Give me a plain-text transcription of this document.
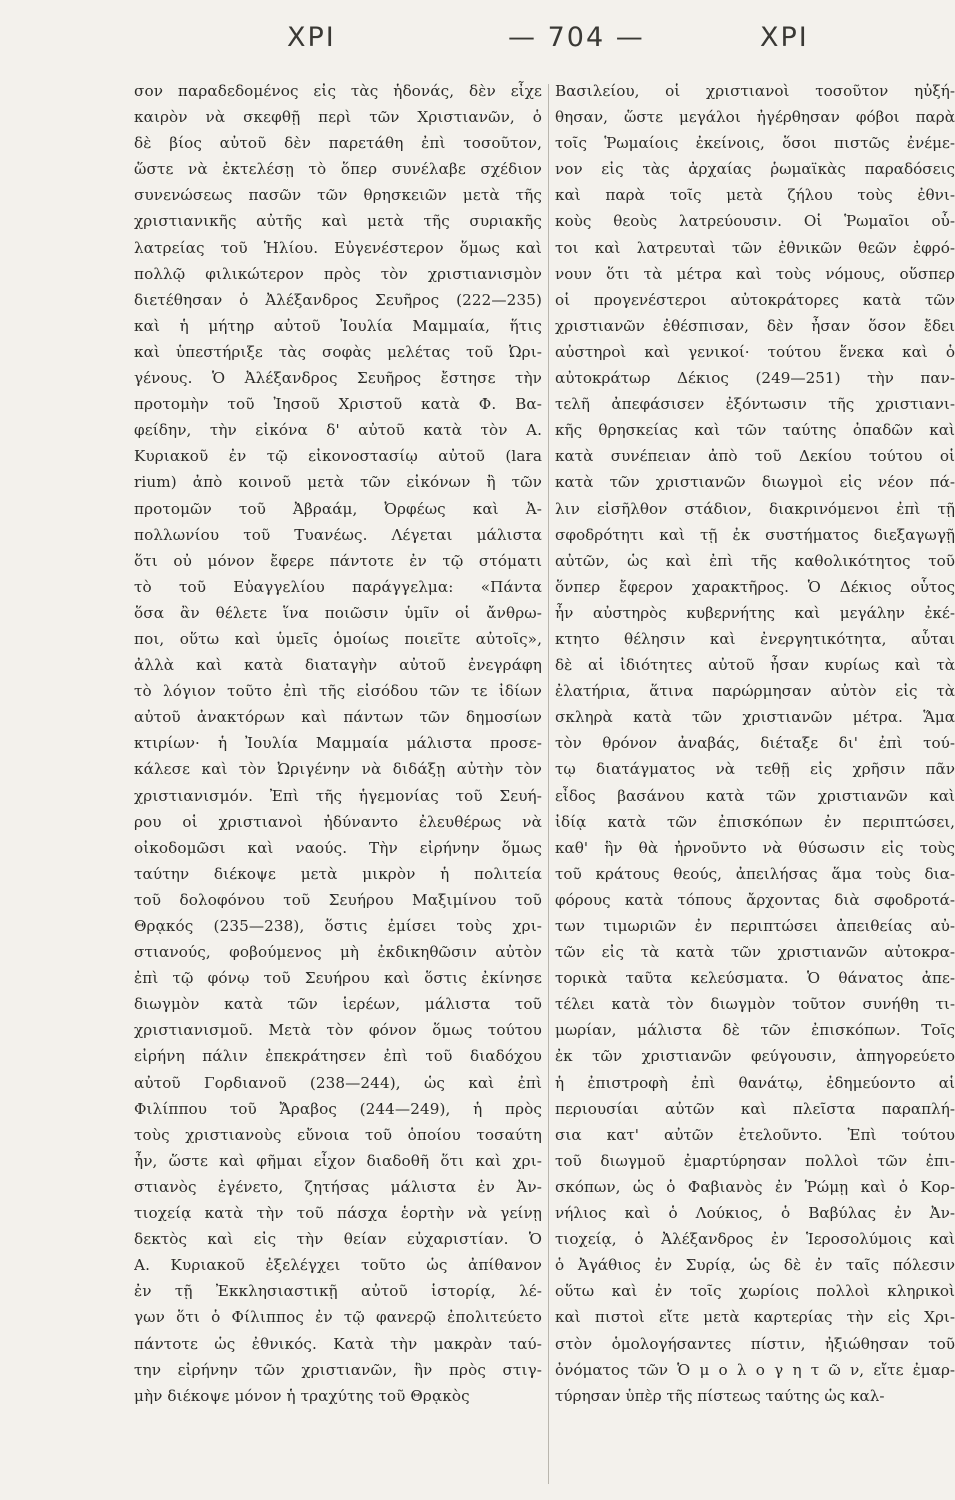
ΧΡΙ	— 704 —	ΧΡΙ
σον παραδεδομένος εἰς τὰς ἡδονάς, δὲν εἶχε
καιρὸν νὰ σκεφθῇ περὶ τῶν Χριστιανῶν, ὁ
δὲ βίος αὐτοῦ δὲν παρετάθη ἐπὶ τοσοῦτον,
ὥστε νὰ ἐκτελέσῃ τὸ ὅπερ συνέλαβε σχέδιον
συνενώσεως πασῶν τῶν θρησκειῶν μετὰ τῆς
χριστιανικῆς αὐτῆς καὶ μετὰ τῆς συριακῆς
λατρείας τοῦ Ἡλίου. Εὐγενέστερον ὅμως καὶ
πολλῷ φιλικώτερον πρὸς τὸν χριστιανισμὸν
διετέθησαν ὁ Ἀλέξανδρος Σευῆρος (222—235)
καὶ ἡ μήτηρ αὐτοῦ Ἰουλία Μαμμαία, ἥτις
καὶ ὑπεστήριξε τὰς σοφὰς μελέτας τοῦ Ὠρι-
γένους. Ὁ Ἀλέξανδρος Σευῆρος ἔστησε τὴν
προτομὴν τοῦ Ἰησοῦ Χριστοῦ κατὰ Φ. Βα-
φείδην, τὴν εἰκόνα δ' αὐτοῦ κατὰ τὸν Α.
Κυριακοῦ ἐν τῷ εἰκονοστασίῳ αὐτοῦ (lara
rium) ἀπὸ κοινοῦ μετὰ τῶν εἰκόνων ἢ τῶν
προτομῶν τοῦ Ἀβραάμ, Ὀρφέως καὶ Ἀ-
πολλωνίου τοῦ Τυανέως. Λέγεται μάλιστα
ὅτι οὐ μόνον ἔφερε πάντοτε ἐν τῷ στόματι
τὸ τοῦ Εὐαγγελίου παράγγελμα: «Πάντα
ὅσα ἂν θέλετε ἵνα ποιῶσιν ὑμῖν οἱ ἄνθρω-
ποι, οὕτω καὶ ὑμεῖς ὁμοίως ποιεῖτε αὐτοῖς»,
ἀλλὰ καὶ κατὰ διαταγὴν αὐτοῦ ἐνεγράφη
τὸ λόγιον τοῦτο ἐπὶ τῆς εἰσόδου τῶν τε ἰδίων
αὐτοῦ ἀνακτόρων καὶ πάντων τῶν δημοσίων
κτιρίων· ἡ Ἰουλία Μαμμαία μάλιστα προσε-
κάλεσε καὶ τὸν Ὠριγένην νὰ διδάξῃ αὐτὴν τὸν
χριστιανισμόν. Ἐπὶ τῆς ἡγεμονίας τοῦ Σευή-
ρου οἱ χριστιανοὶ ἠδύναντο ἐλευθέρως νὰ
οἰκοδομῶσι καὶ ναούς. Τὴν εἰρήνην ὅμως
ταύτην διέκοψε μετὰ μικρὸν ἡ πολιτεία
τοῦ δολοφόνου τοῦ Σευήρου Μαξιμίνου τοῦ
Θρᾳκός (235—238), ὅστις ἐμίσει τοὺς χρι-
στιανούς, φοβούμενος μὴ ἐκδικηθῶσιν αὐτὸν
ἐπὶ τῷ φόνῳ τοῦ Σευήρου καὶ ὅστις ἐκίνησε
διωγμὸν κατὰ τῶν ἱερέων, μάλιστα τοῦ
χριστιανισμοῦ. Μετὰ τὸν φόνον ὅμως τούτου
εἰρήνη πάλιν ἐπεκράτησεν ἐπὶ τοῦ διαδόχου
αὐτοῦ Γορδιανοῦ (238—244), ὡς καὶ ἐπὶ
Φιλίππου τοῦ Ἄραβος (244—249), ἡ πρὸς
τοὺς χριστιανοὺς εὔνοια τοῦ ὁποίου τοσαύτη
ἦν, ὥστε καὶ φῆμαι εἶχον διαδοθῆ ὅτι καὶ χρι-
στιανὸς ἐγένετο, ζητήσας μάλιστα ἐν Ἀν-
τιοχείᾳ κατὰ τὴν τοῦ πάσχα ἑορτὴν νὰ γείνῃ
δεκτὸς καὶ εἰς τὴν θείαν εὐχαριστίαν. Ὁ
Α. Κυριακοῦ ἐξελέγχει τοῦτο ὡς ἀπίθανον
ἐν τῇ Ἐκκλησιαστικῇ αὐτοῦ ἱστορίᾳ, λέ-
γων ὅτι ὁ Φίλιππος ἐν τῷ φανερῷ ἐπολιτεύετο
πάντοτε ὡς ἐθνικός. Κατὰ τὴν μακρὰν ταύ-
την εἰρήνην τῶν χριστιανῶν, ἣν πρὸς στιγ-
μὴν διέκοψε μόνον ἡ τραχύτης τοῦ Θρᾳκὸς
Βασιλείου, οἱ χριστιανοὶ τοσοῦτον ηὐξή-
θησαν, ὥστε μεγάλοι ἠγέρθησαν φόβοι παρὰ
τοῖς Ῥωμαίοις ἐκείνοις, ὅσοι πιστῶς ἐνέμε-
νον εἰς τὰς ἀρχαίας ῥωμαϊκὰς παραδόσεις
καὶ παρὰ τοῖς μετὰ ζήλου τοὺς ἐθνι-
κοὺς θεοὺς λατρεύουσιν. Οἱ Ῥωμαῖοι οὗ-
τοι καὶ λατρευταὶ τῶν ἐθνικῶν θεῶν ἐφρό-
νουν ὅτι τὰ μέτρα καὶ τοὺς νόμους, οὕσπερ
οἱ προγενέστεροι αὐτοκράτορες κατὰ τῶν
χριστιανῶν ἐθέσπισαν, δὲν ἦσαν ὅσον ἔδει
αὐστηροὶ καὶ γενικοί· τούτου ἕνεκα καὶ ὁ
αὐτοκράτωρ Δέκιος (249—251) τὴν παν-
τελῆ ἀπεφάσισεν ἐξόντωσιν τῆς χριστιανι-
κῆς θρησκείας καὶ τῶν ταύτης ὀπαδῶν καὶ
κατὰ συνέπειαν ἀπὸ τοῦ Δεκίου τούτου οἱ
κατὰ τῶν χριστιανῶν διωγμοὶ εἰς νέον πά-
λιν εἰσῆλθον στάδιον, διακρινόμενοι ἐπὶ τῇ
σφοδρότητι καὶ τῇ ἐκ συστήματος διεξαγωγῇ
αὐτῶν, ὡς καὶ ἐπὶ τῆς καθολικότητος τοῦ
ὅνπερ ἔφερον χαρακτῆρος. Ὁ Δέκιος οὗτος
ἦν αὐστηρὸς κυβερνήτης καὶ μεγάλην ἐκέ-
κτητο θέλησιν καὶ ἐνεργητικότητα, αὗται
δὲ αἱ ἰδιότητες αὐτοῦ ἦσαν κυρίως καὶ τὰ
ἐλατήρια, ἅτινα παρώρμησαν αὐτὸν εἰς τὰ
σκληρὰ κατὰ τῶν χριστιανῶν μέτρα. Ἅμα
τὸν θρόνον ἀναβάς, διέταξε δι' ἐπὶ τού-
τῳ διατάγματος νὰ τεθῇ εἰς χρῆσιν πᾶν
εἶδος βασάνου κατὰ τῶν χριστιανῶν καὶ
ἰδίᾳ κατὰ τῶν ἐπισκόπων ἐν περιπτώσει,
καθ' ἣν θὰ ἠρνοῦντο νὰ θύσωσιν εἰς τοὺς
τοῦ κράτους θεούς, ἀπειλήσας ἅμα τοὺς δια-
φόρους κατὰ τόπους ἄρχοντας διὰ σφοδροτά-
των τιμωριῶν ἐν περιπτώσει ἀπειθείας αὐ-
τῶν εἰς τὰ κατὰ τῶν χριστιανῶν αὐτοκρα-
τορικὰ ταῦτα κελεύσματα. Ὁ θάνατος ἀπε-
τέλει κατὰ τὸν διωγμὸν τοῦτον συνήθη τι-
μωρίαν, μάλιστα δὲ τῶν ἐπισκόπων. Τοῖς
ἐκ τῶν χριστιανῶν φεύγουσιν, ἀπηγορεύετο
ἡ ἐπιστροφὴ ἐπὶ θανάτῳ, ἐδημεύοντο αἱ
περιουσίαι αὐτῶν καὶ πλεῖστα παραπλή-
σια κατ' αὐτῶν ἐτελοῦντο. Ἐπὶ τούτου
τοῦ διωγμοῦ ἐμαρτύρησαν πολλοὶ τῶν ἐπι-
σκόπων, ὡς ὁ Φαβιανὸς ἐν Ῥώμῃ καὶ ὁ Κορ-
νήλιος καὶ ὁ Λούκιος, ὁ Βαβύλας ἐν Ἀν-
τιοχείᾳ, ὁ Ἀλέξανδρος ἐν Ἱεροσολύμοις καὶ
ὁ Ἀγάθιος ἐν Συρίᾳ, ὡς δὲ ἐν ταῖς πόλεσιν
οὕτω καὶ ἐν τοῖς χωρίοις πολλοὶ κληρικοὶ
καὶ πιστοὶ εἴτε μετὰ καρτερίας τὴν εἰς Χρι-
στὸν ὁμολογήσαντες πίστιν, ἠξιώθησαν τοῦ
ὀνόματος τῶν Ὁ μ ο λ ο γ η τ ῶ ν, εἴτε ἐμαρ-
τύρησαν ὑπὲρ τῆς πίστεως ταύτης ὡς καλ-
